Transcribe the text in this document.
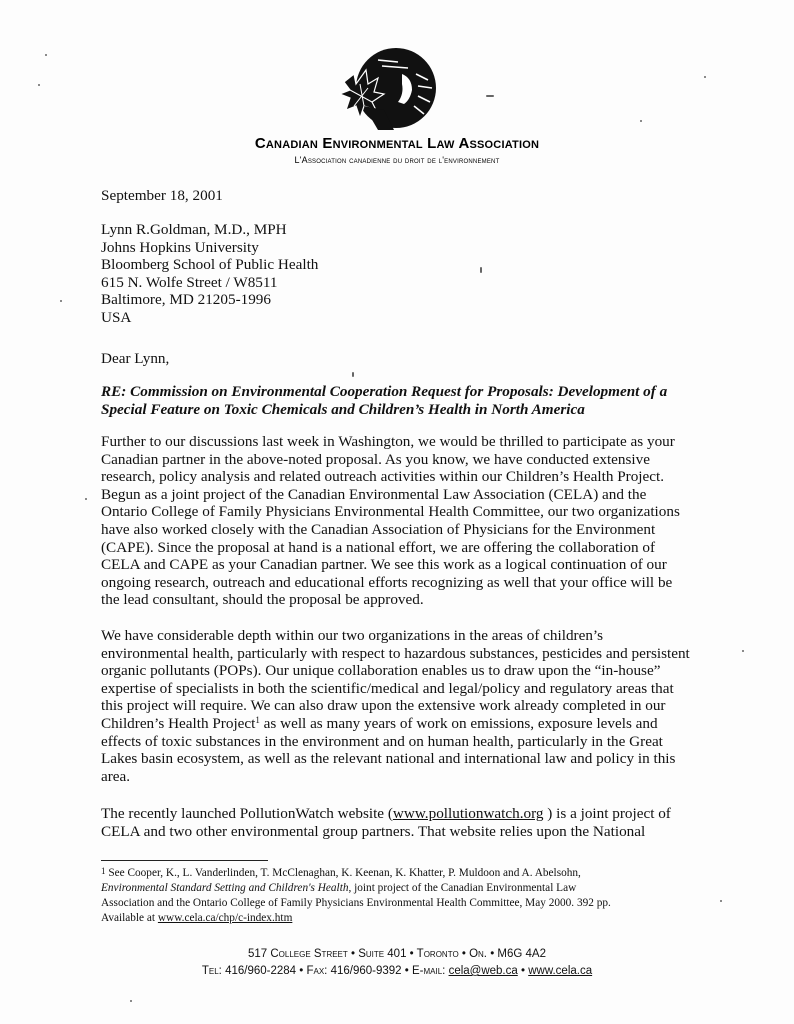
Canadian Environmental Law Association
L'Association canadienne du droit de l'environnement
September 18, 2001
Lynn R.Goldman, M.D., MPH
Johns Hopkins University
Bloomberg School of Public Health
615 N. Wolfe Street / W8511
Baltimore, MD 21205-1996
USA
Dear Lynn,
RE: Commission on Environmental Cooperation Request for Proposals: Development of a
Special Feature on Toxic Chemicals and Children’s Health in North America
Further to our discussions last week in Washington, we would be thrilled to participate as your
Canadian partner in the above-noted proposal. As you know, we have conducted extensive
research, policy analysis and related outreach activities within our Children’s Health Project.
Begun as a joint project of the Canadian Environmental Law Association (CELA) and the
Ontario College of Family Physicians Environmental Health Committee, our two organizations
have also worked closely with the Canadian Association of Physicians for the Environment
(CAPE). Since the proposal at hand is a national effort, we are offering the collaboration of
CELA and CAPE as your Canadian partner. We see this work as a logical continuation of our
ongoing research, outreach and educational efforts recognizing as well that your office will be
the lead consultant, should the proposal be approved.
We have considerable depth within our two organizations in the areas of children’s
environmental health, particularly with respect to hazardous substances, pesticides and persistent
organic pollutants (POPs). Our unique collaboration enables us to draw upon the “in-house”
expertise of specialists in both the scientific/medical and legal/policy and regulatory areas that
this project will require. We can also draw upon the extensive work already completed in our
Children’s Health Project$^1$ as well as many years of work on emissions, exposure levels and
effects of toxic substances in the environment and on human health, particularly in the Great
Lakes basin ecosystem, as well as the relevant national and international law and policy in this
area.
The recently launched PollutionWatch website (www.pollutionwatch.org ) is a joint project of
CELA and two other environmental group partners. That website relies upon the National
$^1$ See Cooper, K., L. Vanderlinden, T. McClenaghan, K. Keenan, K. Khatter, P. Muldoon and A. Abelsohn,
Environmental Standard Setting and Children's Health, joint project of the Canadian Environmental Law
Association and the Ontario College of Family Physicians Environmental Health Committee, May 2000. 392 pp.
Available at www.cela.ca/chp/c-index.htm
517 College Street • Suite 401 • Toronto • On. • M6G 4A2
Tel: 416/960-2284 • Fax: 416/960-9392 • E-mail: cela@web.ca • www.cela.ca
